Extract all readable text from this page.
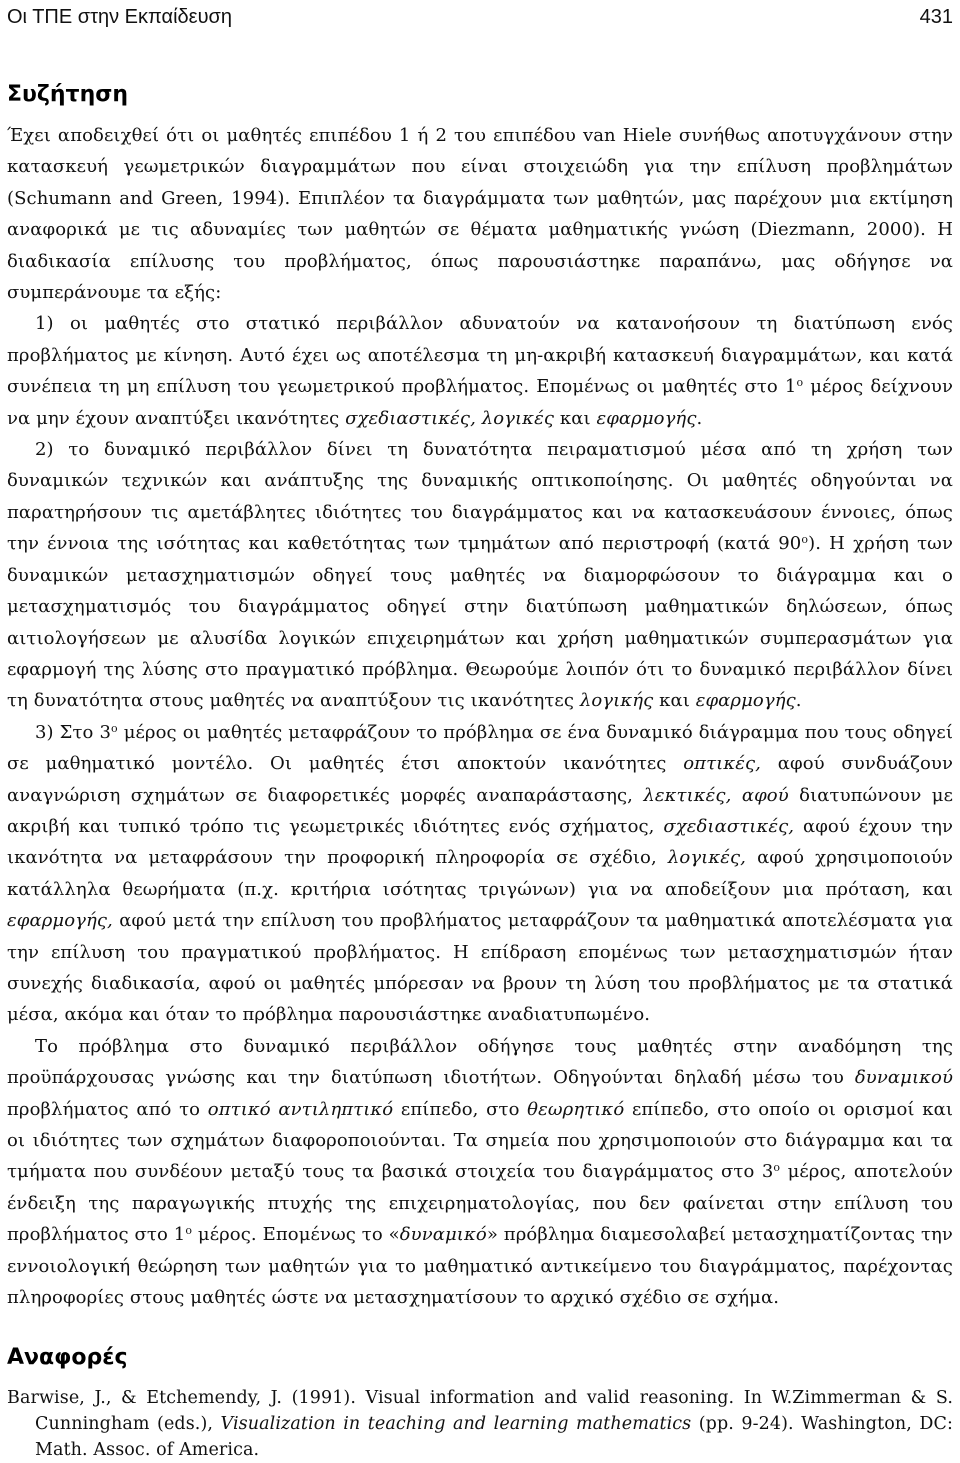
Οι ΤΠΕ στην Εκπαίδευση	431
Συζήτηση

Έχει αποδειχθεί ότι οι μαθητές επιπέδου 1 ή 2 του επιπέδου van Hiele συνήθως αποτυγχάνουν στην κατασκευή γεωμετρικών διαγραμμάτων που είναι στοιχειώδη για την επίλυση προβλημάτων (Schumann and Green, 1994). Επιπλέον τα διαγράμματα των μαθητών, μας παρέχουν μια εκτίμηση αναφορικά με τις αδυναμίες των μαθητών σε θέματα μαθηματικής γνώση (Diezmann, 2000). Η διαδικασία επίλυσης του προβλήματος, όπως παρουσιάστηκε παραπάνω, μας οδήγησε να συμπεράνουμε τα εξής:

1) οι μαθητές στο στατικό περιβάλλον αδυνατούν να κατανοήσουν τη διατύπωση ενός προβλήματος με κίνηση. Αυτό έχει ως αποτέλεσμα τη μη-ακριβή κατασκευή διαγραμμάτων, και κατά συνέπεια τη μη επίλυση του γεωμετρικού προβλήματος. Επομένως οι μαθητές στο $1^o$ μέρος δείχνουν να μην έχουν αναπτύξει ικανότητες σχεδιαστικές, λογικές και εφαρμογής.

2) το δυναμικό περιβάλλον δίνει τη δυνατότητα πειραματισμού μέσα από τη χρήση των δυναμικών τεχνικών και ανάπτυξης της δυναμικής οπτικοποίησης. Οι μαθητές οδηγούνται να παρατηρήσουν τις αμετάβλητες ιδιότητες του διαγράμματος και να κατασκευάσουν έννοιες, όπως την έννοια της ισότητας και καθετότητας των τμημάτων από περιστροφή (κατά $90^o$). Η χρήση των δυναμικών μετασχηματισμών οδηγεί τους μαθητές να διαμορφώσουν το διάγραμμα και ο μετασχηματισμός του διαγράμματος οδηγεί στην διατύπωση μαθηματικών δηλώσεων, όπως αιτιολογήσεων με αλυσίδα λογικών επιχειρημάτων και χρήση μαθηματικών συμπερασμάτων για εφαρμογή της λύσης στο πραγματικό πρόβλημα. Θεωρούμε λοιπόν ότι το δυναμικό περιβάλλον δίνει τη δυνατότητα στους μαθητές να αναπτύξουν τις ικανότητες λογικής και εφαρμογής.

3) Στο $3^o$ μέρος οι μαθητές μεταφράζουν το πρόβλημα σε ένα δυναμικό διάγραμμα που τους οδηγεί σε μαθηματικό μοντέλο. Οι μαθητές έτσι αποκτούν ικανότητες οπτικές, αφού συνδυάζουν αναγνώριση σχημάτων σε διαφορετικές μορφές αναπαράστασης, λεκτικές, αφού διατυπώνουν με ακριβή και τυπικό τρόπο τις γεωμετρικές ιδιότητες ενός σχήματος, σχεδιαστικές, αφού έχουν την ικανότητα να μεταφράσουν την προφορική πληροφορία σε σχέδιο, λογικές, αφού χρησιμοποιούν κατάλληλα θεωρήματα (π.χ. κριτήρια ισότητας τριγώνων) για να αποδείξουν μια πρόταση, και εφαρμογής, αφού μετά την επίλυση του προβλήματος μεταφράζουν τα μαθηματικά αποτελέσματα για την επίλυση του πραγματικού προβλήματος. Η επίδραση επομένως των μετασχηματισμών ήταν συνεχής διαδικασία, αφού οι μαθητές μπόρεσαν να βρουν τη λύση του προβλήματος με τα στατικά μέσα, ακόμα και όταν το πρόβλημα παρουσιάστηκε αναδιατυπωμένο.

Το πρόβλημα στο δυναμικό περιβάλλον οδήγησε τους μαθητές στην αναδόμηση της προϋπάρχουσας γνώσης και την διατύπωση ιδιοτήτων. Οδηγούνται δηλαδή μέσω του δυναμικού προβλήματος από το οπτικό αντιληπτικό επίπεδο, στο θεωρητικό επίπεδο, στο οποίο οι ορισμοί και οι ιδιότητες των σχημάτων διαφοροποιούνται. Τα σημεία που χρησιμοποιούν στο διάγραμμα και τα τμήματα που συνδέουν μεταξύ τους τα βασικά στοιχεία του διαγράμματος στο $3^o$ μέρος, αποτελούν ένδειξη της παραγωγικής πτυχής της επιχειρηματολογίας, που δεν φαίνεται στην επίλυση του προβλήματος στο $1^o$ μέρος. Επομένως το «δυναμικό» πρόβλημα διαμεσολαβεί μετασχηματίζοντας την εννοιολογική θεώρηση των μαθητών για το μαθηματικό αντικείμενο του διαγράμματος, παρέχοντας πληροφορίες στους μαθητές ώστε να μετασχηματίσουν το αρχικό σχέδιο σε σχήμα.

Αναφορές

Barwise, J., & Etchemendy, J. (1991). Visual information and valid reasoning. In W.Zimmerman & S. Cunningham (eds.), Visualization in teaching and learning mathematics (pp. 9-24). Washington, DC: Math. Assoc. of America.
